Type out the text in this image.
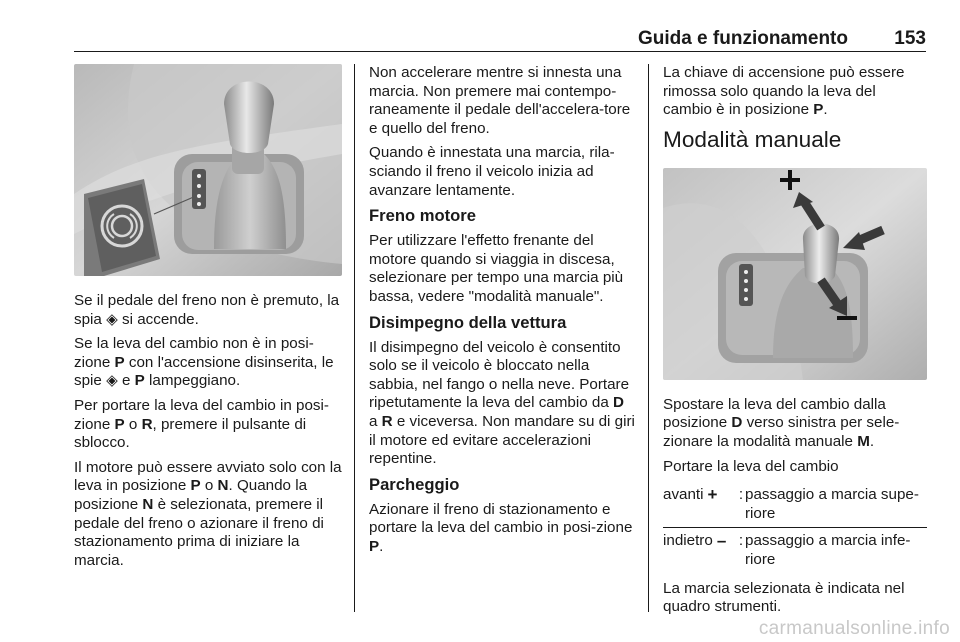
Guida e funzionamento 153

Se il pedale del freno non è premuto, la spia ◈ si accende.

Se la leva del cambio non è in posi-zione P con l'accensione disinserita, le spie ◈ e P lampeggiano.

Per portare la leva del cambio in posi-zione P o R, premere il pulsante di sblocco.

Il motore può essere avviato solo con la leva in posizione P o N. Quando la posizione N è selezionata, premere il pedale del freno o azionare il freno di stazionamento prima di iniziare la marcia.

Non accelerare mentre si innesta una marcia. Non premere mai contempo-raneamente il pedale dell'accelera-tore e quello del freno.

Quando è innestata una marcia, rila-sciando il freno il veicolo inizia ad avanzare lentamente.

Freno motore

Per utilizzare l'effetto frenante del motore quando si viaggia in discesa, selezionare per tempo una marcia più bassa, vedere "modalità manuale".

Disimpegno della vettura

Il disimpegno del veicolo è consentito solo se il veicolo è bloccato nella sabbia, nel fango o nella neve. Portare ripetutamente la leva del cambio da D a R e viceversa. Non mandare su di giri il motore ed evitare accelerazioni repentine.

Parcheggio

Azionare il freno di stazionamento e portare la leva del cambio in posi-zione P.

La chiave di accensione può essere rimossa solo quando la leva del cambio è in posizione P.

Modalità manuale

Spostare la leva del cambio dalla posizione D verso sinistra per sele-zionare la modalità manuale M.

Portare la leva del cambio

avanti + : passaggio a marcia supe-riore
indietro – : passaggio a marcia infe-riore

La marcia selezionata è indicata nel quadro strumenti.

carmanualsonline.info
